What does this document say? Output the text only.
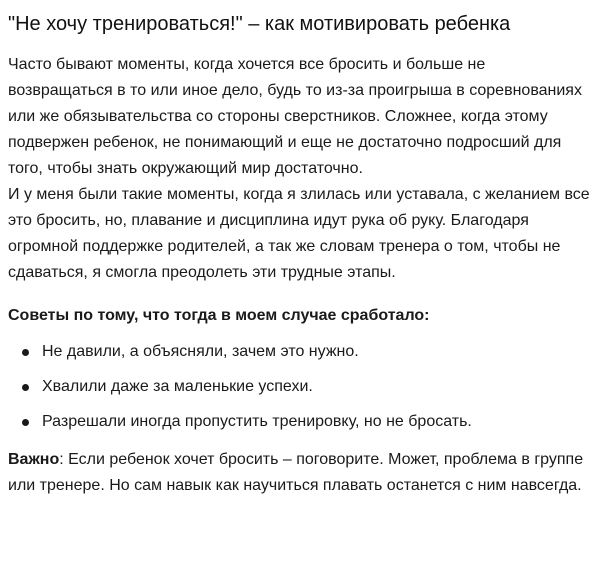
"Не хочу тренироваться!" – как мотивировать ребенка

Часто бывают моменты, когда хочется все бросить и больше не возвращаться в то или иное дело, будь то из-за проигрыша в соревнованиях или же обязывательства со стороны сверстников. Сложнее, когда этому подвержен ребенок, не понимающий и еще не достаточно подросший для того, чтобы знать окружающий мир достаточно.

И у меня были такие моменты, когда я злилась или уставала, с желанием все это бросить, но, плавание и дисциплина идут рука об руку. Благодаря огромной поддержке родителей, а так же словам тренера о том, чтобы не сдаваться, я смогла преодолеть эти трудные этапы.

Советы по тому, что тогда в моем случае сработало:
Не давили, а объясняли, зачем это нужно.
Хвалили даже за маленькие успехи.
Разрешали иногда пропустить тренировку, но не бросать.

Важно: Если ребенок хочет бросить – поговорите. Может, проблема в группе или тренере. Но сам навык как научиться плавать останется с ним навсегда.
